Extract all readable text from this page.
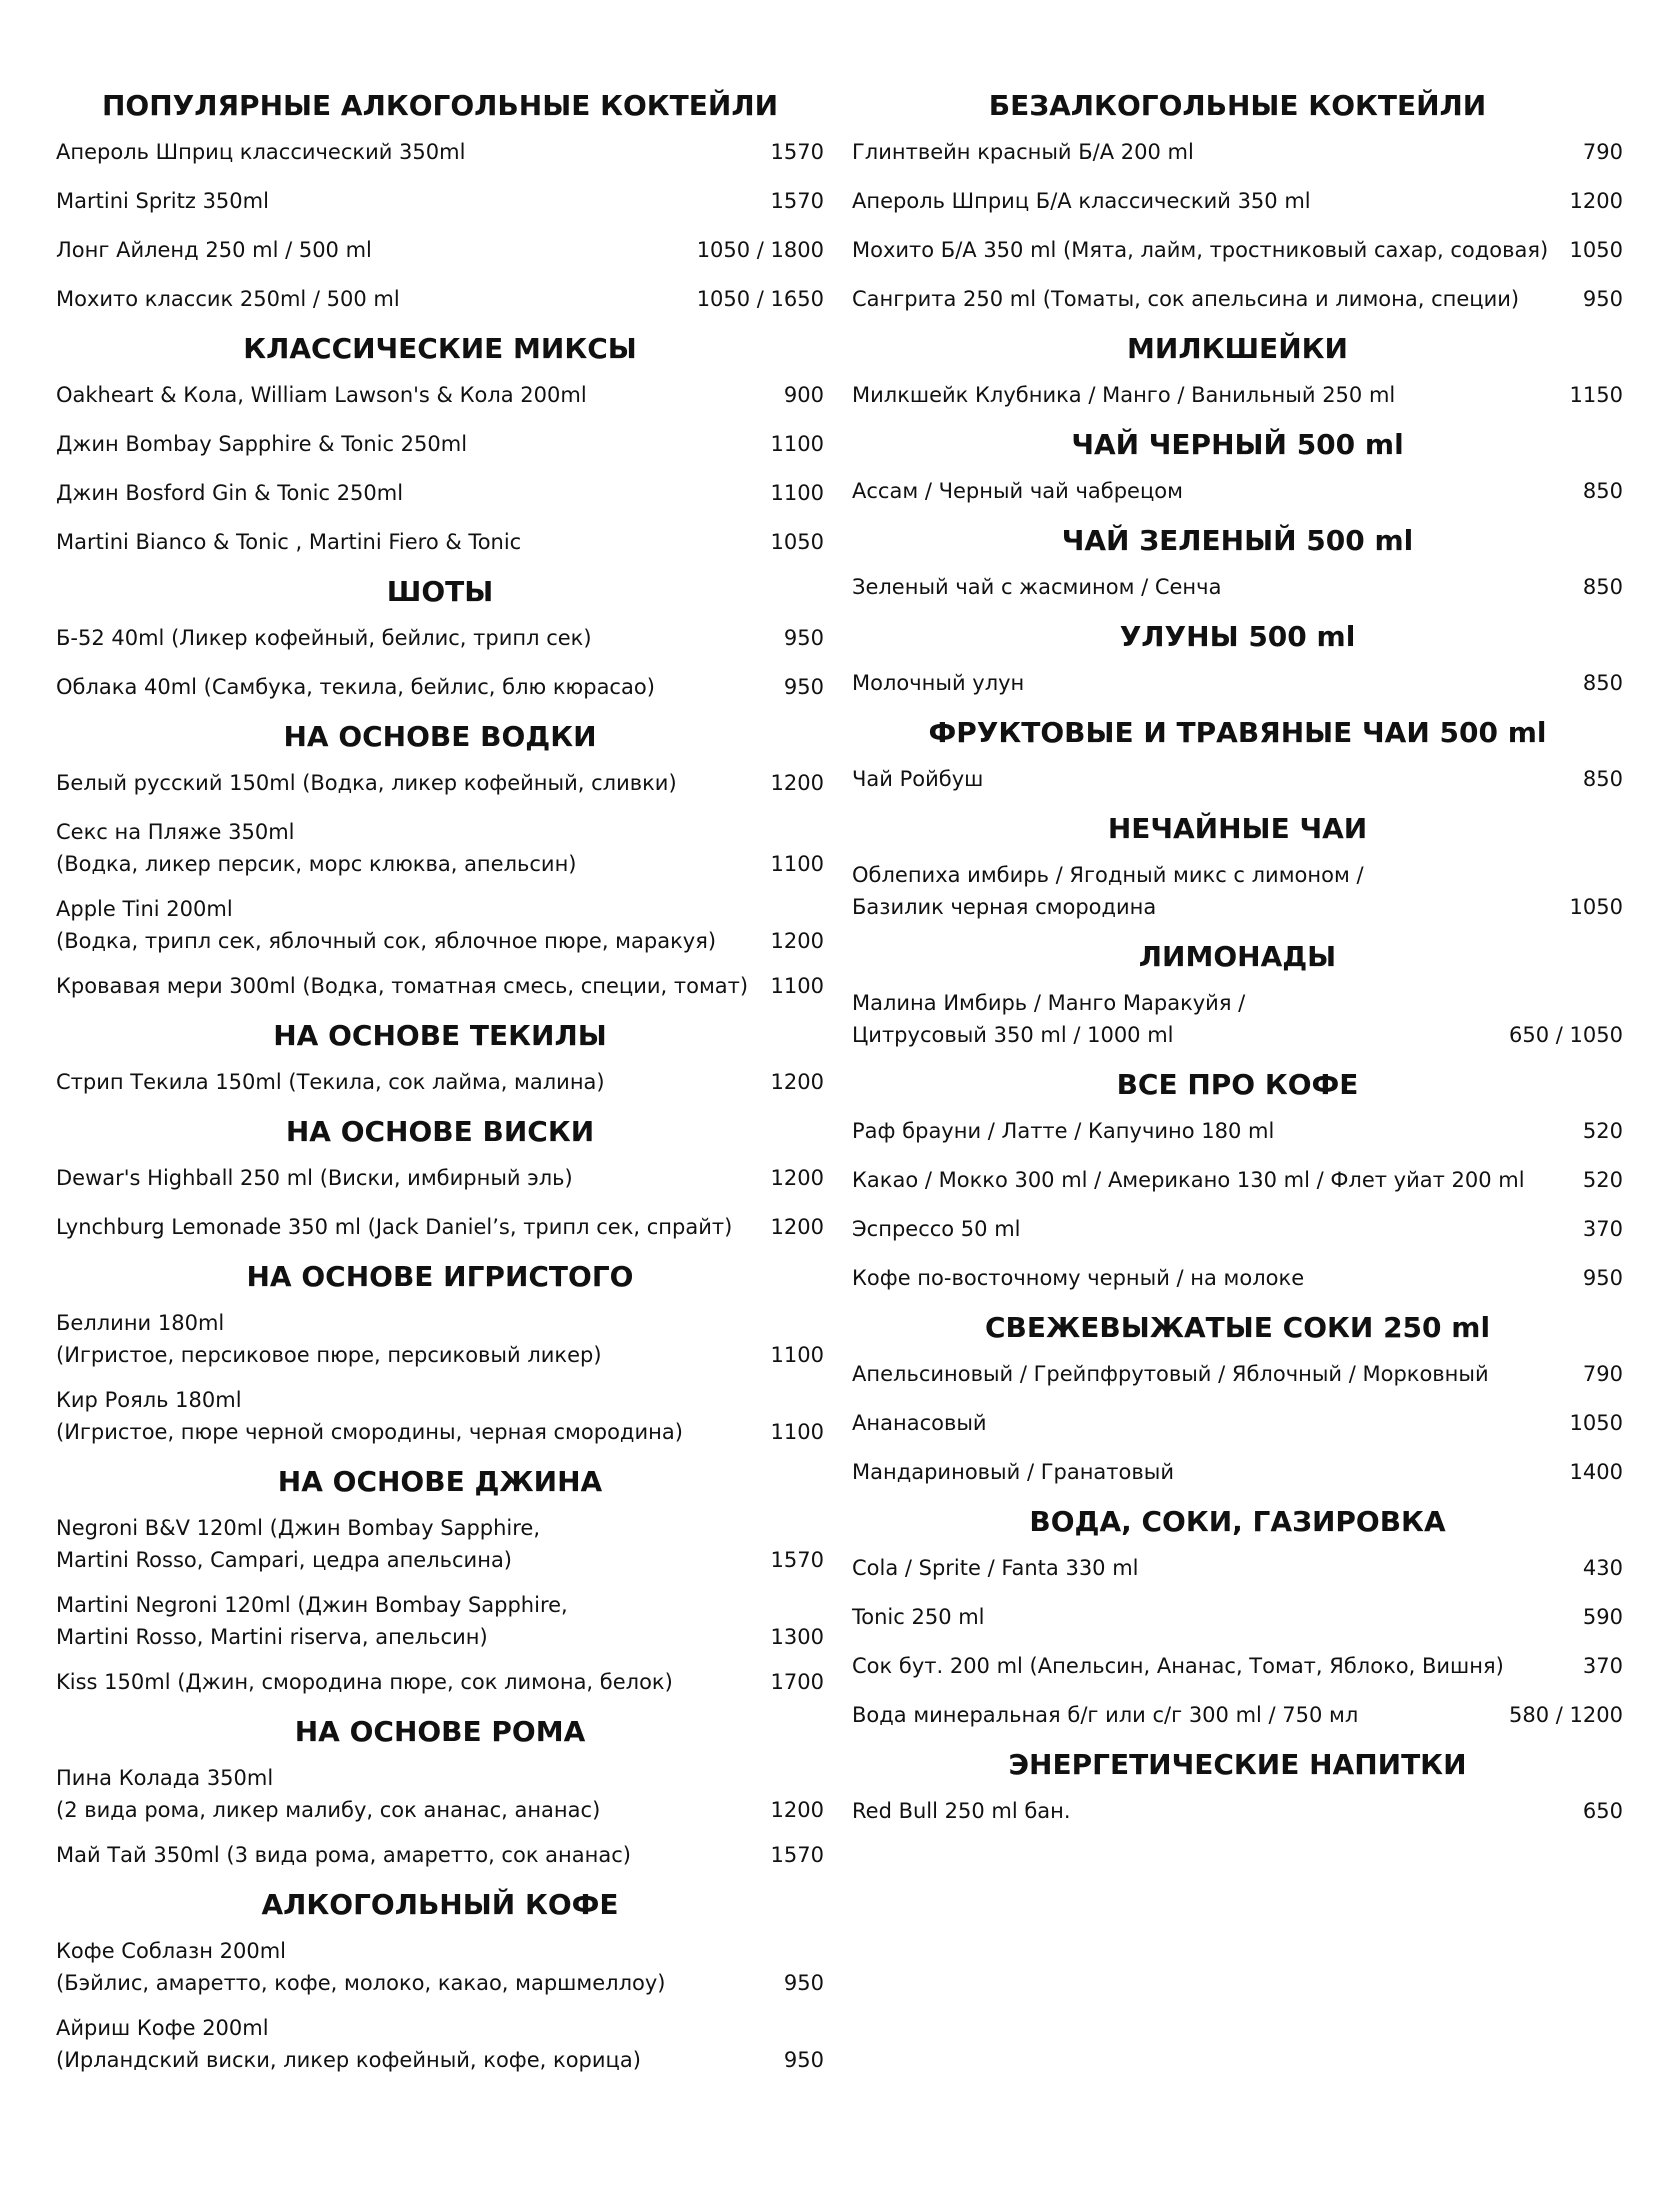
ПОПУЛЯРНЫЕ АЛКОГОЛЬНЫЕ КОКТЕЙЛИ
Апероль Шприц классический 350ml	1570
Martini Spritz 350ml	1570
Лонг Айленд 250 ml / 500 ml	1050 / 1800
Мохито классик 250ml / 500 ml	1050 / 1650
КЛАССИЧЕСКИЕ МИКСЫ
Oakheart & Кола, William Lawson's & Кола 200ml	900
Джин Bombay Sapphire & Tonic 250ml	1100
Джин Bosford Gin & Tonic 250ml	1100
Martini Bianco & Tonic , Martini Fiero & Tonic	1050
ШОТЫ
Б-52 40ml (Ликер кофейный, бейлис, трипл сек)	950
Облака 40ml (Самбука, текила, бейлис, блю кюрасао)	950
НА ОСНОВЕ ВОДКИ
Белый русский 150ml (Водка, ликер кофейный, сливки)	1200
Секс на Пляже 350ml
(Водка, ликер персик, морс клюква, апельсин)	1100
Apple Tini 200ml
(Водка, трипл сек, яблочный сок, яблочное пюре, маракуя)	1200
Кровавая мери 300ml (Водка, томатная смесь, специи, томат)	1100
НА ОСНОВЕ ТЕКИЛЫ
Стрип Текила 150ml (Текила, сок лайма, малина)	1200
НА ОСНОВЕ ВИСКИ
Dewar's Highball 250 ml (Виски, имбирный эль)	1200
Lynchburg Lemonade 350 ml (Jack Daniel’s, трипл сек, спрайт)	1200
НА ОСНОВЕ ИГРИСТОГО
Беллини 180ml
(Игристое, персиковое пюре, персиковый ликер)	1100
Кир Рояль 180ml
(Игристое, пюре черной смородины, черная смородина)	1100
НА ОСНОВЕ ДЖИНА
Negroni B&V 120ml (Джин Bombay Sapphire,
Martini Rosso, Campari, цедра апельсина)	1570
Martini Negroni 120ml (Джин Bombay Sapphire,
Martini Rosso, Martini riserva, апельсин)	1300
Kiss 150ml (Джин, смородина пюре, сок лимона, белок)	1700
НА ОСНОВЕ РОМА
Пина Колада 350ml
(2 вида рома, ликер малибу, сок ананас, ананас)	1200
Май Тай 350ml (3 вида рома, амаретто, сок ананас)	1570
АЛКОГОЛЬНЫЙ КОФЕ
Кофе Соблазн 200ml
(Бэйлис, амаретто, кофе, молоко, какао, маршмеллоу)	950
Айриш Кофе 200ml
(Ирландский виски, ликер кофейный, кофе, корица)	950
БЕЗАЛКОГОЛЬНЫЕ КОКТЕЙЛИ
Глинтвейн красный Б/А 200 ml	790
Апероль Шприц Б/А классический 350 ml	1200
Мохито Б/А 350 ml (Мята, лайм, тростниковый сахар, содовая)	1050
Сангрита 250 ml (Томаты, сок апельсина и лимона, специи)	950
МИЛКШЕЙКИ
Милкшейк Клубника / Манго / Ванильный 250 ml	1150
ЧАЙ ЧЕРНЫЙ 500 ml
Ассам / Черный чай чабрецом	850
ЧАЙ ЗЕЛЕНЫЙ 500 ml
Зеленый чай с жасмином / Сенча	850
УЛУНЫ 500 ml
Молочный улун	850
ФРУКТОВЫЕ И ТРАВЯНЫЕ ЧАИ 500 ml
Чай Ройбуш	850
НЕЧАЙНЫЕ ЧАИ
Облепиха имбирь / Ягодный микс с лимоном /
Базилик черная смородина	1050
ЛИМОНАДЫ
Малина Имбирь / Манго Маракуйя /
Цитрусовый 350 ml / 1000 ml	650 / 1050
ВСЕ ПРО КОФЕ
Раф брауни / Латте / Капучино 180 ml	520
Какао / Мокко 300 ml / Американо 130 ml / Флет уйат 200 ml	520
Эспрессо 50 ml	370
Кофе по-восточному черный / на молоке	950
СВЕЖЕВЫЖАТЫЕ СОКИ 250 ml
Апельсиновый / Грейпфрутовый / Яблочный / Морковный	790
Ананасовый	1050
Мандариновый / Гранатовый	1400
ВОДА, СОКИ, ГАЗИРОВКА
Cola / Sprite / Fanta 330 ml	430
Tonic 250 ml	590
Сок бут. 200 ml (Апельсин, Ананас, Томат, Яблоко, Вишня)	370
Вода минеральная б/г или с/г 300 ml / 750 мл	580 / 1200
ЭНЕРГЕТИЧЕСКИЕ НАПИТКИ
Red Bull 250 ml бан.	650
